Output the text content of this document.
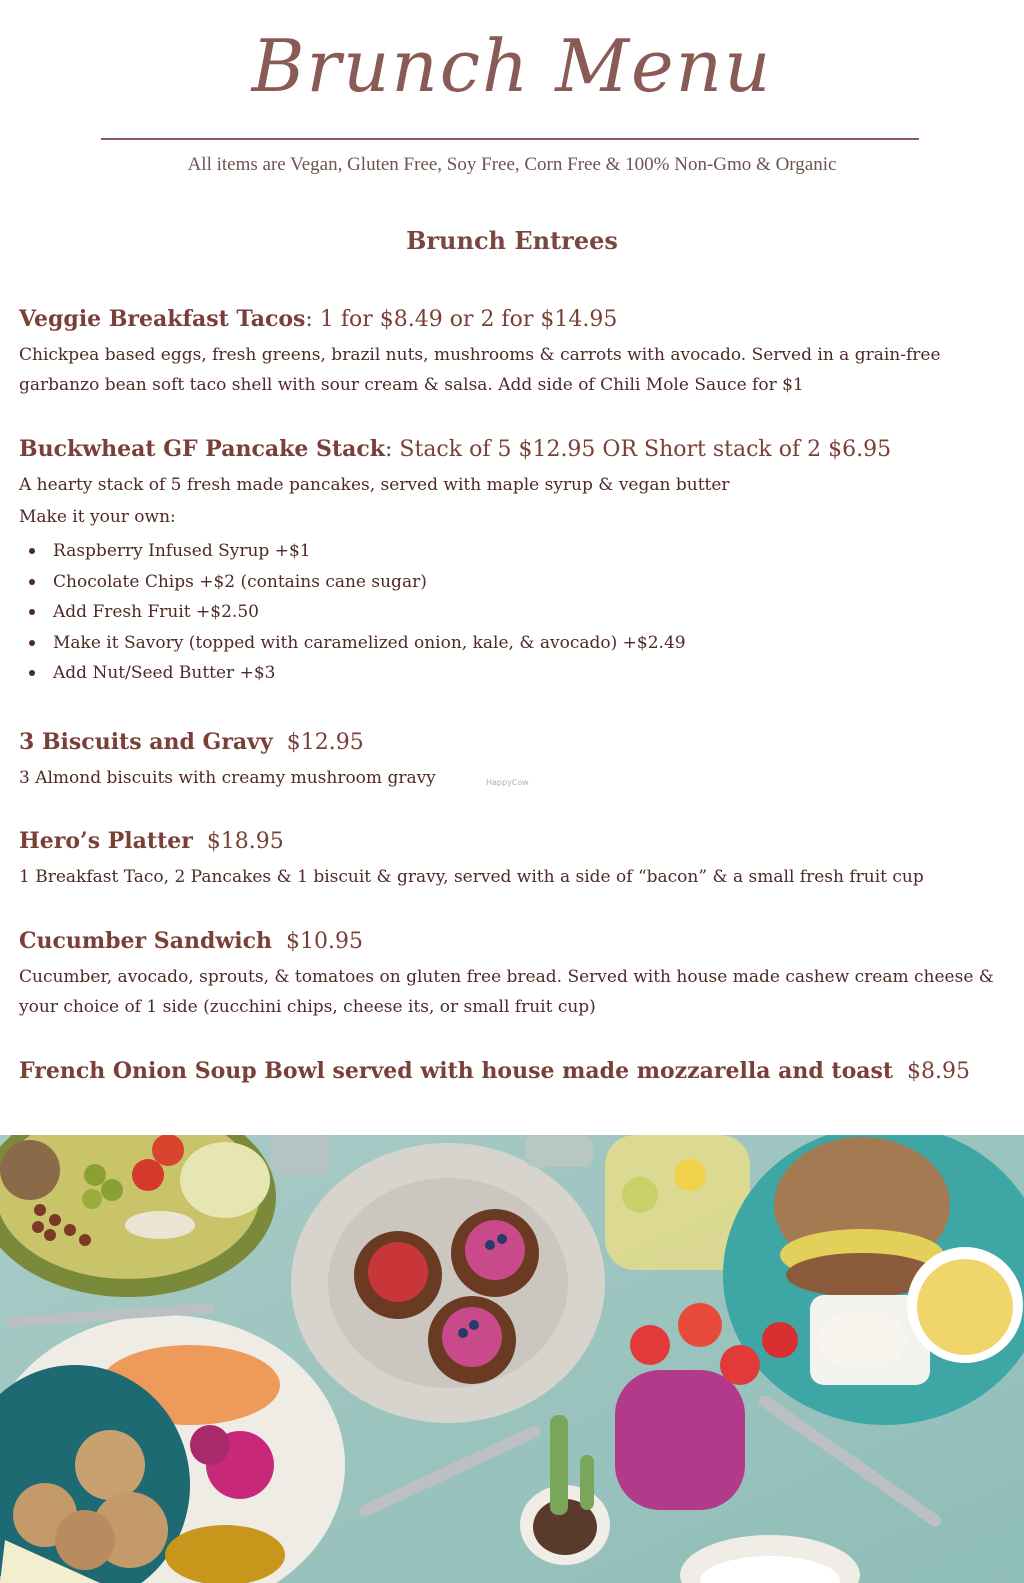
Brunch Menu
All items are Vegan, Gluten Free, Soy Free, Corn Free & 100% Non-Gmo & Organic
Brunch Entrees
Veggie Breakfast Tacos: 1 for $8.49 or 2 for $14.95
Chickpea based eggs, fresh greens, brazil nuts, mushrooms & carrots with avocado. Served in a grain-free garbanzo bean soft taco shell with sour cream & salsa. Add side of Chili Mole Sauce for $1
Buckwheat GF Pancake Stack: Stack of 5 $12.95 OR Short stack of 2 $6.95
A hearty stack of 5 fresh made pancakes, served with maple syrup & vegan butter
Make it your own:
Raspberry Infused Syrup +$1
Chocolate Chips +$2 (contains cane sugar)
Add Fresh Fruit +$2.50
Make it Savory (topped with caramelized onion, kale, & avocado) +$2.49
Add Nut/Seed Butter +$3
3 Biscuits and Gravy  $12.95
3 Almond biscuits with creamy mushroom gravy	HappyCow
Hero’s Platter  $18.95
1 Breakfast Taco, 2 Pancakes & 1 biscuit & gravy, served with a side of “bacon” & a small fresh fruit cup
Cucumber Sandwich  $10.95
Cucumber, avocado, sprouts, & tomatoes on gluten free bread. Served with house made cashew cream cheese & your choice of 1 side (zucchini chips, cheese its, or small fruit cup)
French Onion Soup Bowl served with house made mozzarella and toast  $8.95
